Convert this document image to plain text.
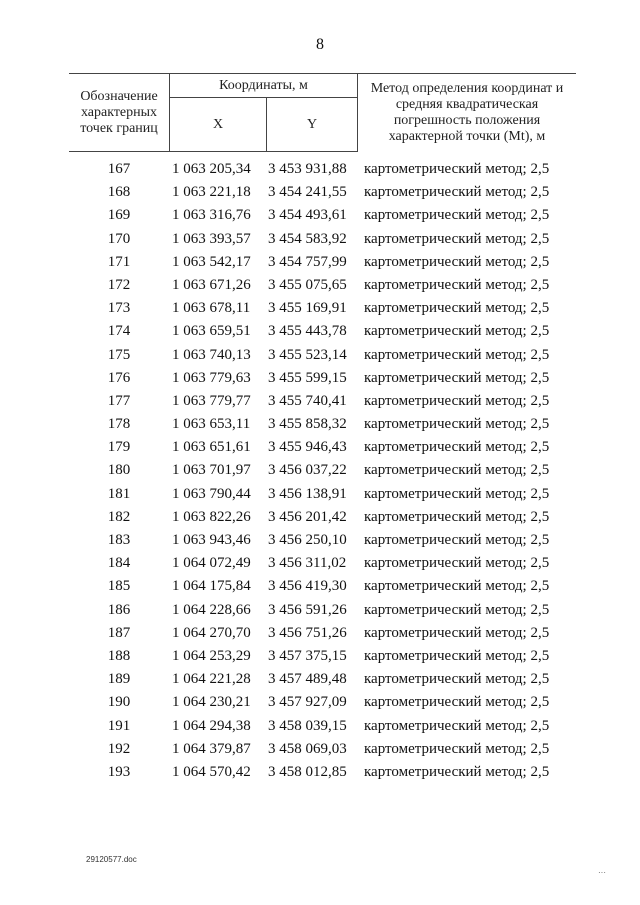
8
Обозначение характерных точек границ	Координаты, м		Метод определения координат и средняя квадратическая погрешность положения характерной точки (Mt), м
	X	Y	
167	1 063 205,34	3 453 931,88	картометрический метод; 2,5
168	1 063 221,18	3 454 241,55	картометрический метод; 2,5
169	1 063 316,76	3 454 493,61	картометрический метод; 2,5
170	1 063 393,57	3 454 583,92	картометрический метод; 2,5
171	1 063 542,17	3 454 757,99	картометрический метод; 2,5
172	1 063 671,26	3 455 075,65	картометрический метод; 2,5
173	1 063 678,11	3 455 169,91	картометрический метод; 2,5
174	1 063 659,51	3 455 443,78	картометрический метод; 2,5
175	1 063 740,13	3 455 523,14	картометрический метод; 2,5
176	1 063 779,63	3 455 599,15	картометрический метод; 2,5
177	1 063 779,77	3 455 740,41	картометрический метод; 2,5
178	1 063 653,11	3 455 858,32	картометрический метод; 2,5
179	1 063 651,61	3 455 946,43	картометрический метод; 2,5
180	1 063 701,97	3 456 037,22	картометрический метод; 2,5
181	1 063 790,44	3 456 138,91	картометрический метод; 2,5
182	1 063 822,26	3 456 201,42	картометрический метод; 2,5
183	1 063 943,46	3 456 250,10	картометрический метод; 2,5
184	1 064 072,49	3 456 311,02	картометрический метод; 2,5
185	1 064 175,84	3 456 419,30	картометрический метод; 2,5
186	1 064 228,66	3 456 591,26	картометрический метод; 2,5
187	1 064 270,70	3 456 751,26	картометрический метод; 2,5
188	1 064 253,29	3 457 375,15	картометрический метод; 2,5
189	1 064 221,28	3 457 489,48	картометрический метод; 2,5
190	1 064 230,21	3 457 927,09	картометрический метод; 2,5
191	1 064 294,38	3 458 039,15	картометрический метод; 2,5
192	1 064 379,87	3 458 069,03	картометрический метод; 2,5
193	1 064 570,42	3 458 012,85	картометрический метод; 2,5
29120577.doc
···
